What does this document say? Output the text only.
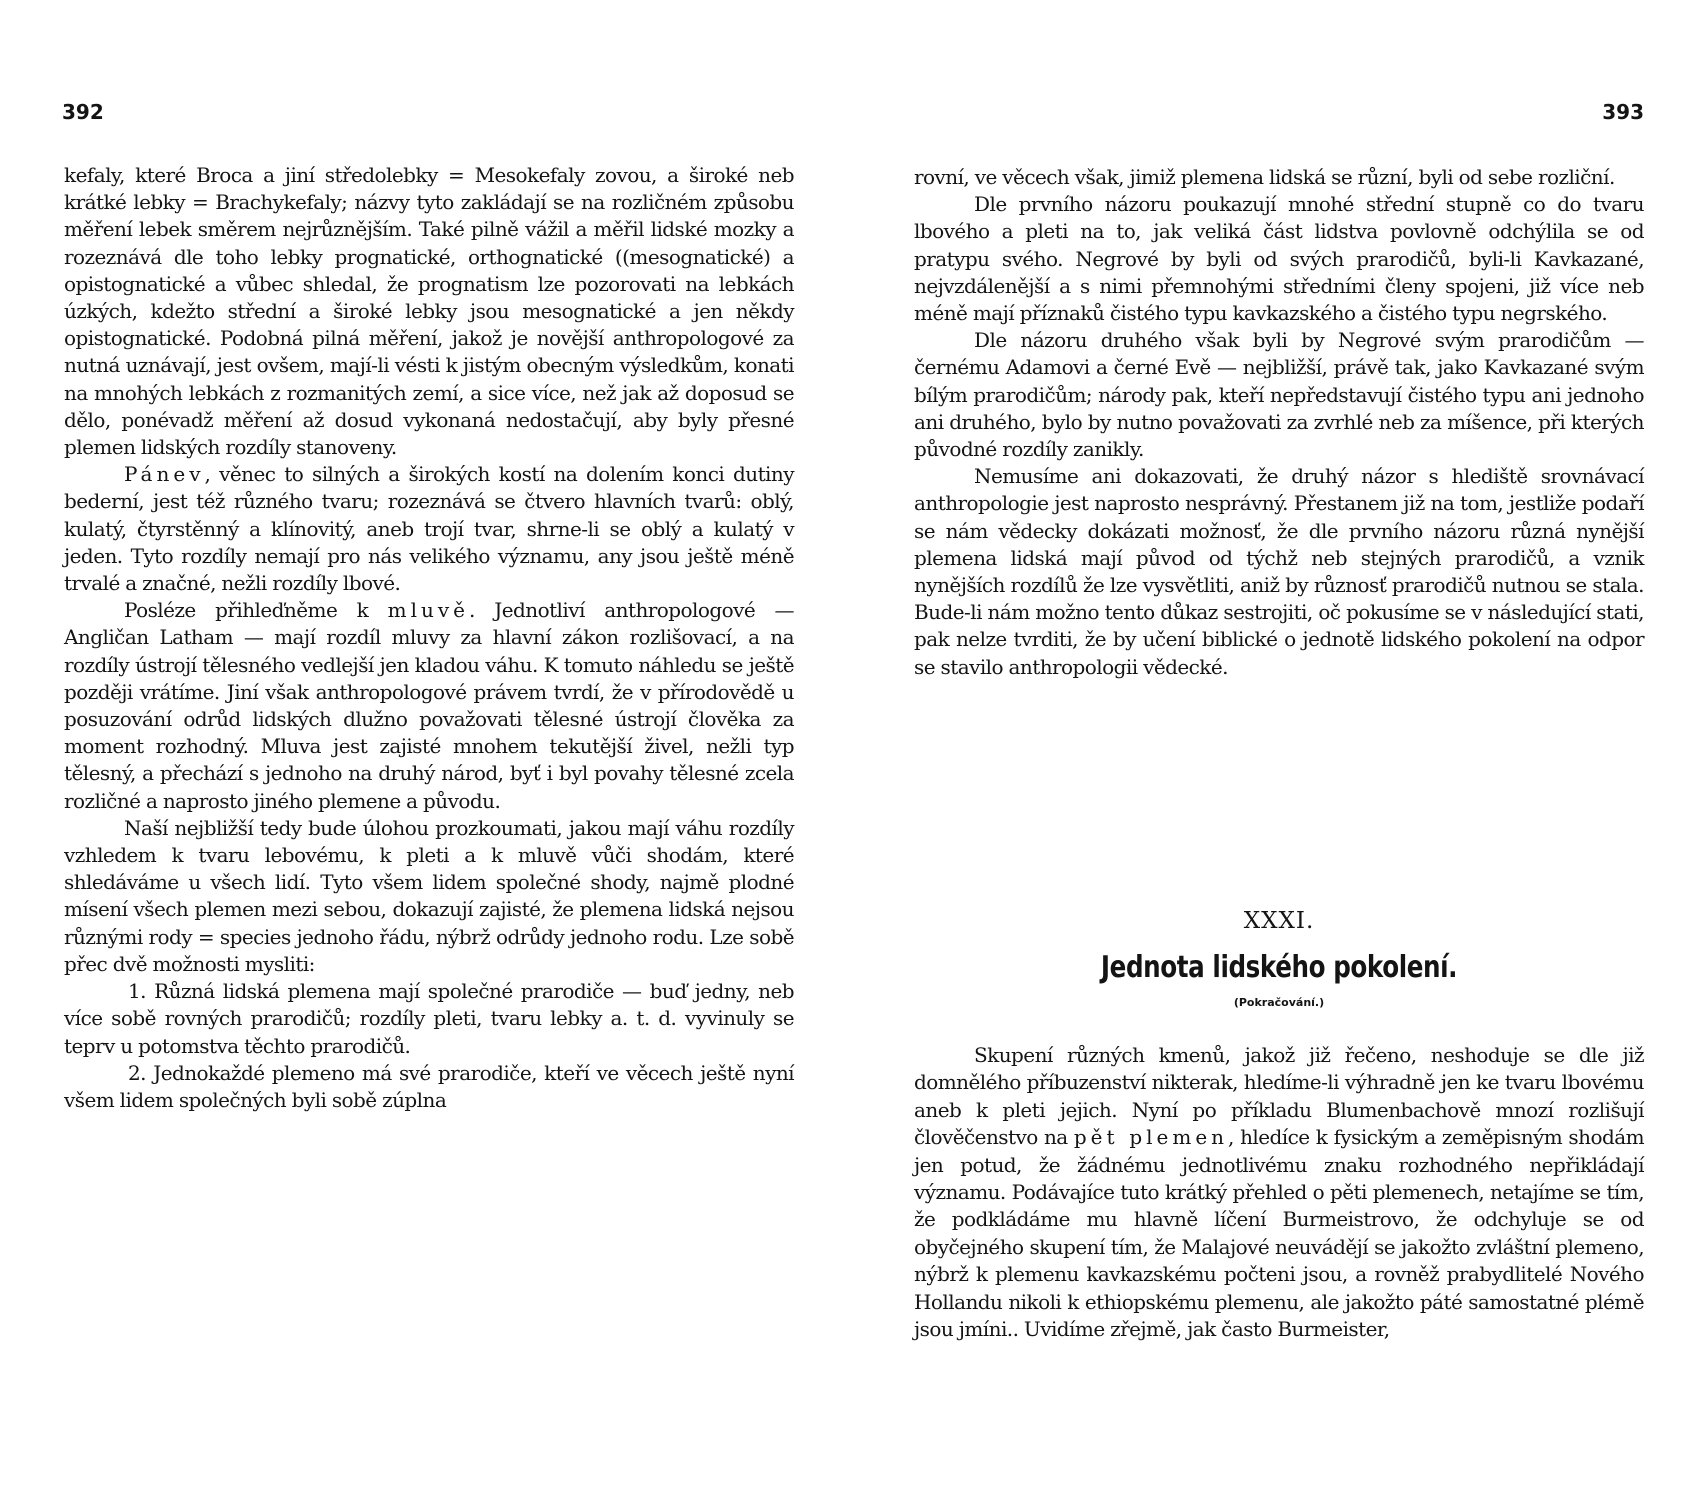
392

kefaly, které Broca a jiní středolebky = Mesokefaly zovou, a široké neb krátké lebky = Brachykefaly; názvy tyto zakládají se na rozličném způsobu měření lebek směrem nejrůznějším. Také pilně vážil a měřil lidské mozky a rozeznává dle toho lebky prognatické, orthognatické ((mesognatické) a opistognatické a vůbec shledal, že prognatism lze pozorovati na lebkách úzkých, kdežto střední a široké lebky jsou mesognatické a jen někdy opistognatické. Podobná pilná měření, jakož je novější anthropologové za nutná uznávají, jest ovšem, mají-li vésti k jistým obecným výsledkům, konati na mnohých lebkách z rozmanitých zemí, a sice více, než jak až doposud se dělo, ponévadž měření až dosud vykonaná nedostačují, aby byly přesné plemen lidských rozdíly stanoveny.

Pánev, věnec to silných a širokých kostí na dolením konci dutiny bederní, jest též různého tvaru; rozeznává se čtvero hlavních tvarů: oblý, kulatý, čtyrstěnný a klínovitý, aneb trojí tvar, shrne-li se oblý a kulatý v jeden. Tyto rozdíly nemají pro nás velikého významu, any jsou ještě méně trvalé a značné, nežli rozdíly lbové.

Posléze přihleďněme k mluvě. Jednotliví anthropologové — Angličan Latham — mají rozdíl mluvy za hlavní zákon rozlišovací, a na rozdíly ústrojí tělesného vedlejší jen kladou váhu. K tomuto náhledu se ještě později vrátíme. Jiní však anthropologové právem tvrdí, že v přírodovědě u posuzování odrůd lidských dlužno považovati tělesné ústrojí člověka za moment rozhodný. Mluva jest zajisté mnohem tekutější živel, nežli typ tělesný, a přechází s jednoho na druhý národ, byť i byl povahy tělesné zcela rozličné a naprosto jiného plemene a původu.

Naší nejbližší tedy bude úlohou prozkoumati, jakou mají váhu rozdíly vzhledem k tvaru lebovému, k pleti a k mluvě vůči shodám, které shledáváme u všech lidí. Tyto všem lidem společné shody, najmě plodné mísení všech plemen mezi sebou, dokazují zajisté, že plemena lidská nejsou různými rody = species jednoho řádu, nýbrž odrůdy jednoho rodu. Lze sobě přec dvě možnosti mysliti:

1. Různá lidská plemena mají společné prarodiče — buď jedny, neb více sobě rovných prarodičů; rozdíly pleti, tvaru lebky a. t. d. vyvinuly se teprv u potomstva těchto prarodičů.

2. Jednokaždé plemeno má své prarodiče, kteří ve věcech ještě nyní všem lidem společných byli sobě zúplna

393

rovní, ve věcech však, jimiž plemena lidská se různí, byli od sebe rozliční.

Dle prvního názoru poukazují mnohé střední stupně co do tvaru lbového a pleti na to, jak veliká část lidstva povlovně odchýlila se od pratypu svého. Negrové by byli od svých prarodičů, byli-li Kavkazané, nejvzdálenější a s nimi přemnohými středními členy spojeni, již více neb méně mají příznaků čistého typu kavkazského a čistého typu negrského.

Dle názoru druhého však byli by Negrové svým prarodičům — černému Adamovi a černé Evě — nejbližší, právě tak, jako Kavkazané svým bílým prarodičům; národy pak, kteří nepředstavují čistého typu ani jednoho ani druhého, bylo by nutno považovati za zvrhlé neb za míšence, při kterých původné rozdíly zanikly.

Nemusíme ani dokazovati, že druhý názor s hlediště srovnávací anthropologie jest naprosto nesprávný. Přestanem již na tom, jestliže podaří se nám vědecky dokázati možnosť, že dle prvního názoru různá nynější plemena lidská mají původ od týchž neb stejných prarodičů, a vznik nynějších rozdílů že lze vysvětliti, aniž by různosť prarodičů nutnou se stala. Bude-li nám možno tento důkaz sestrojiti, oč pokusíme se v následující stati, pak nelze tvrditi, že by učení biblické o jednotě lidského pokolení na odpor se stavilo anthropologii vědecké.

XXXI.
Jednota lidského pokolení.
(Pokračování.)

Skupení různých kmenů, jakož již řečeno, neshoduje se dle již domnělého příbuzenství nikterak, hledíme-li výhradně jen ke tvaru lbovému aneb k pleti jejich. Nyní po příkladu Blumenbachově mnozí rozlišují člověčenstvo na pět plemen, hledíce k fysickým a zeměpisným shodám jen potud, že žádnému jednotlivému znaku rozhodného nepřikládají významu. Podávajíce tuto krátký přehled o pěti plemenech, netajíme se tím, že podkládáme mu hlavně líčení Burmeistrovo, že odchyluje se od obyčejného skupení tím, že Malajové neuvádějí se jakožto zvláštní plemeno, nýbrž k plemenu kavkazskému počteni jsou, a rovněž prabydlitelé Nového Hollandu nikoli k ethiopskému plemenu, ale jakožto páté samostatné plémě jsou jmíni.. Uvidíme zřejmě, jak často Burmeister,
